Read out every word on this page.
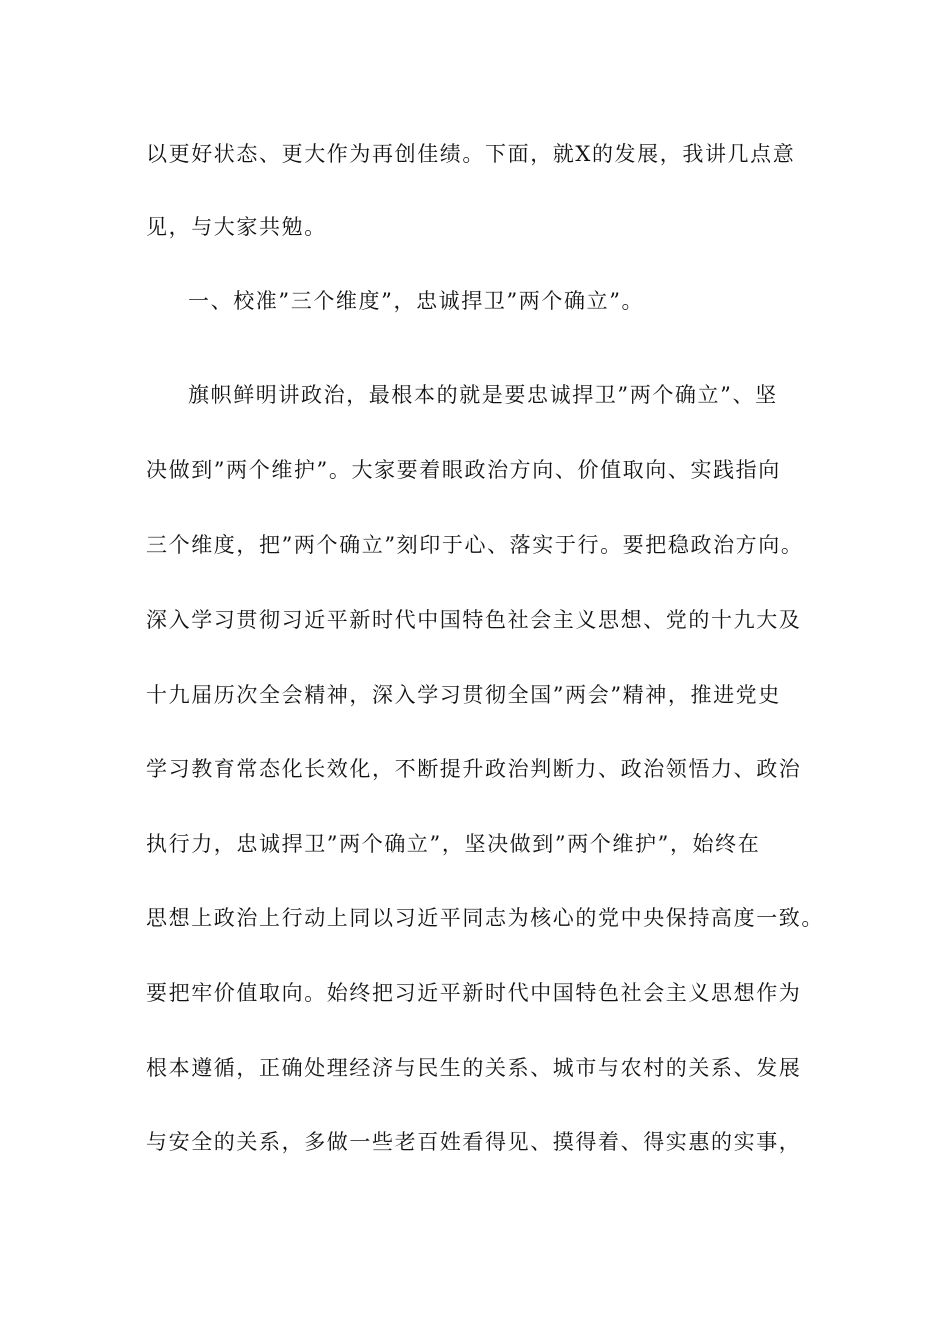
以更好状态、更大作为再创佳绩。下面，就X的发展，我讲几点意
见，与大家共勉。
一、校准”三个维度”，忠诚捍卫”两个确立”。
旗帜鲜明讲政治，最根本的就是要忠诚捍卫”两个确立”、坚
决做到”两个维护”。大家要着眼政治方向、价值取向、实践指向
三个维度，把”两个确立”刻印于心、落实于行。要把稳政治方向。
深入学习贯彻习近平新时代中国特色社会主义思想、党的十九大及
十九届历次全会精神，深入学习贯彻全国”两会”精神，推进党史
学习教育常态化长效化，不断提升政治判断力、政治领悟力、政治
执行力，忠诚捍卫”两个确立”，坚决做到”两个维护”，始终在
思想上政治上行动上同以习近平同志为核心的党中央保持高度一致。
要把牢价值取向。始终把习近平新时代中国特色社会主义思想作为
根本遵循，正确处理经济与民生的关系、城市与农村的关系、发展
与安全的关系，多做一些老百姓看得见、摸得着、得实惠的实事，
